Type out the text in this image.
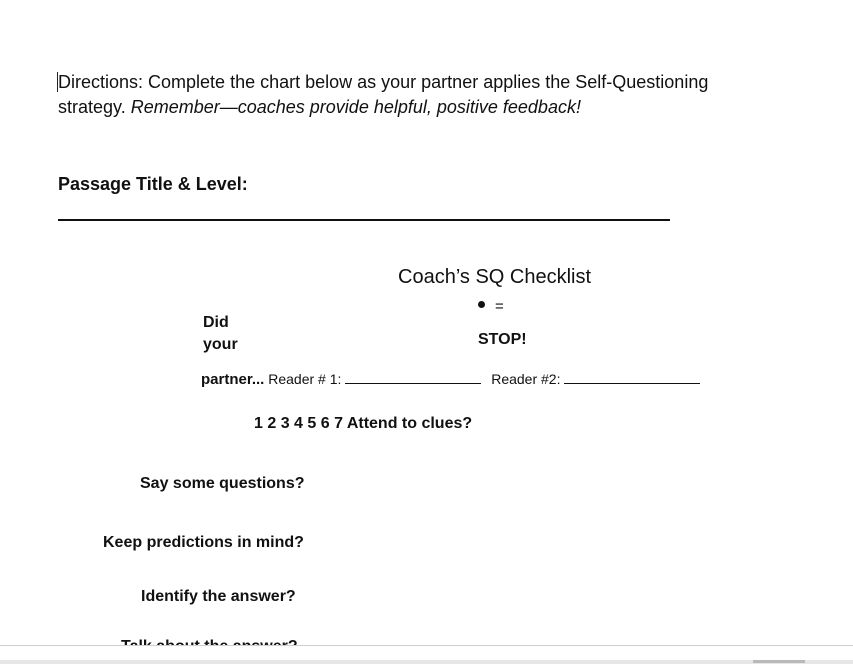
Directions: Complete the chart below as your partner applies the Self-Questioning strategy. Remember—coaches provide helpful, positive feedback!
Passage Title & Level:
Coach’s SQ Checklist
=
STOP!
Did
your
partner... Reader # 1:	Reader #2:
1 2 3 4 5 6 7 Attend to clues?
Say some questions?
Keep predictions in mind?
Identify the answer?
